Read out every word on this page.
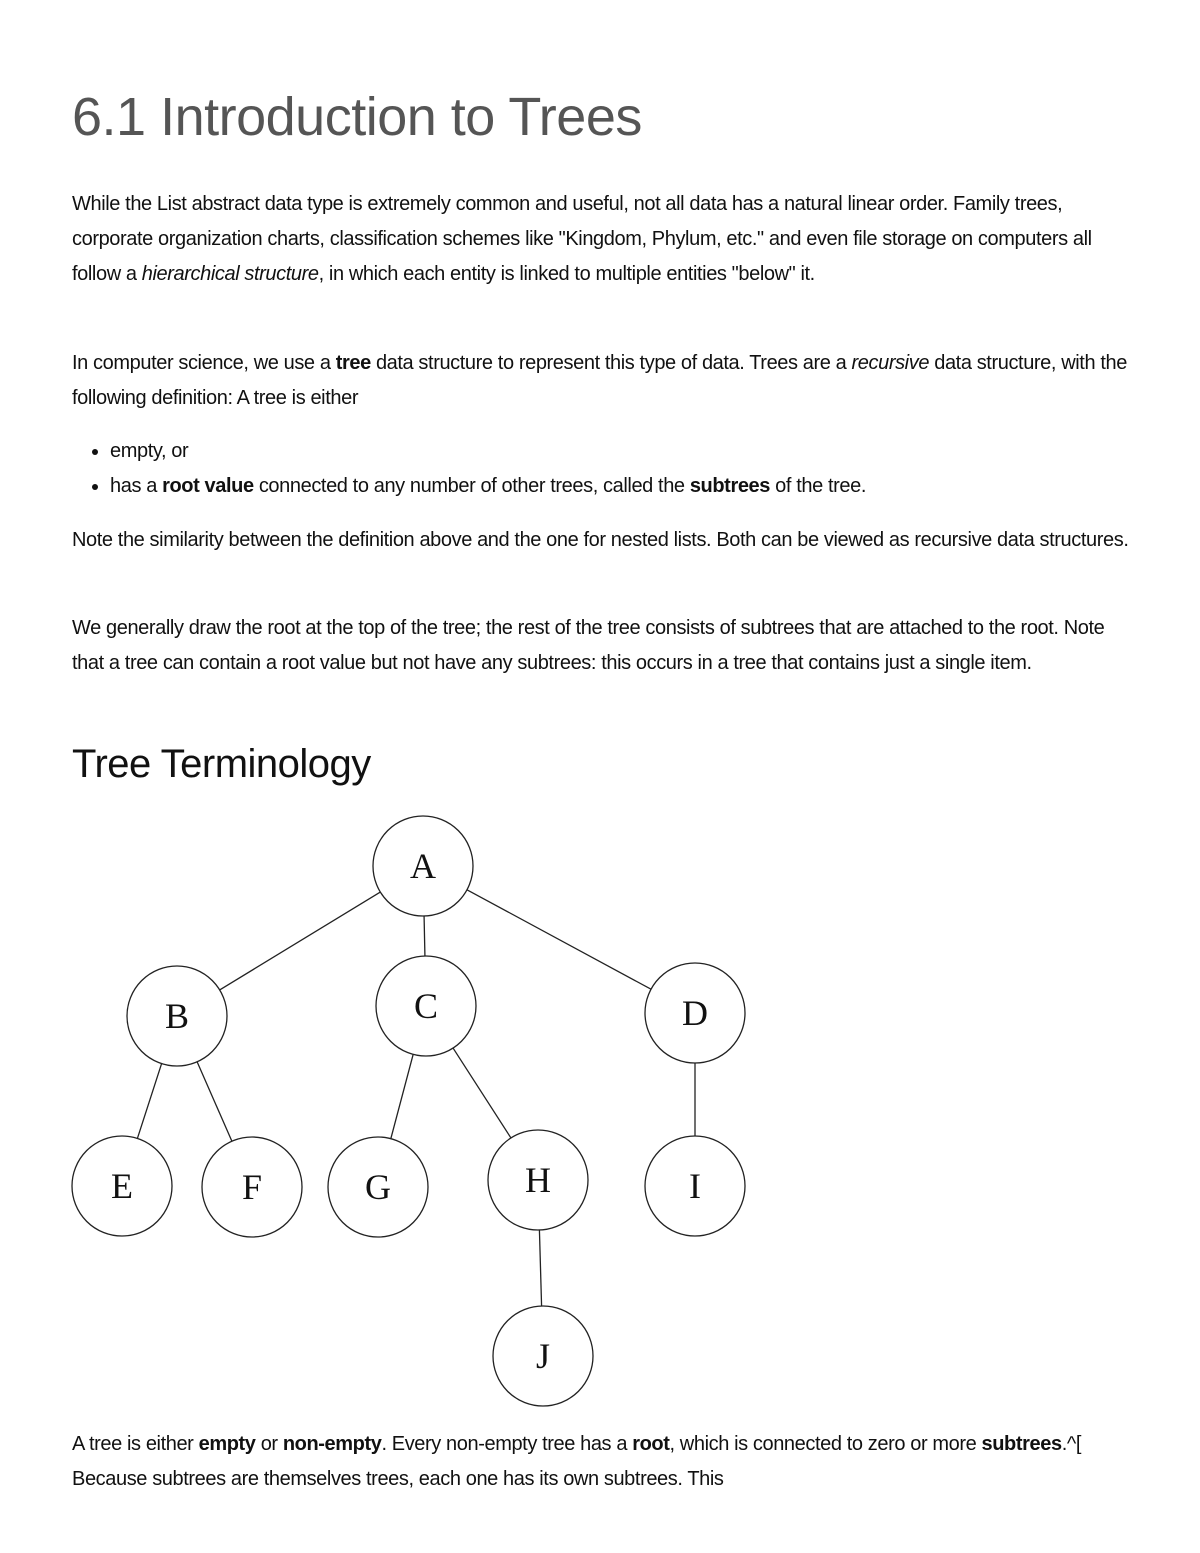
6.1 Introduction to Trees

While the List abstract data type is extremely common and useful, not all data has a natural linear order. Family trees, corporate organization charts, classification schemes like "Kingdom, Phylum, etc." and even file storage on computers all follow a hierarchical structure, in which each entity is linked to multiple entities "below" it.

In computer science, we use a tree data structure to represent this type of data. Trees are a recursive data structure, with the following definition: A tree is either

• empty, or
• has a root value connected to any number of other trees, called the subtrees of the tree.

Note the similarity between the definition above and the one for nested lists. Both can be viewed as recursive data structures.

We generally draw the root at the top of the tree; the rest of the tree consists of subtrees that are attached to the root. Note that a tree can contain a root value but not have any subtrees: this occurs in a tree that contains just a single item.

Tree Terminology

A tree is either empty or non-empty. Every non-empty tree has a root, which is connected to zero or more subtrees.^[ Because subtrees are themselves trees, each one has its own subtrees. This

A
B	C	D
E	F	G	H	I
J
